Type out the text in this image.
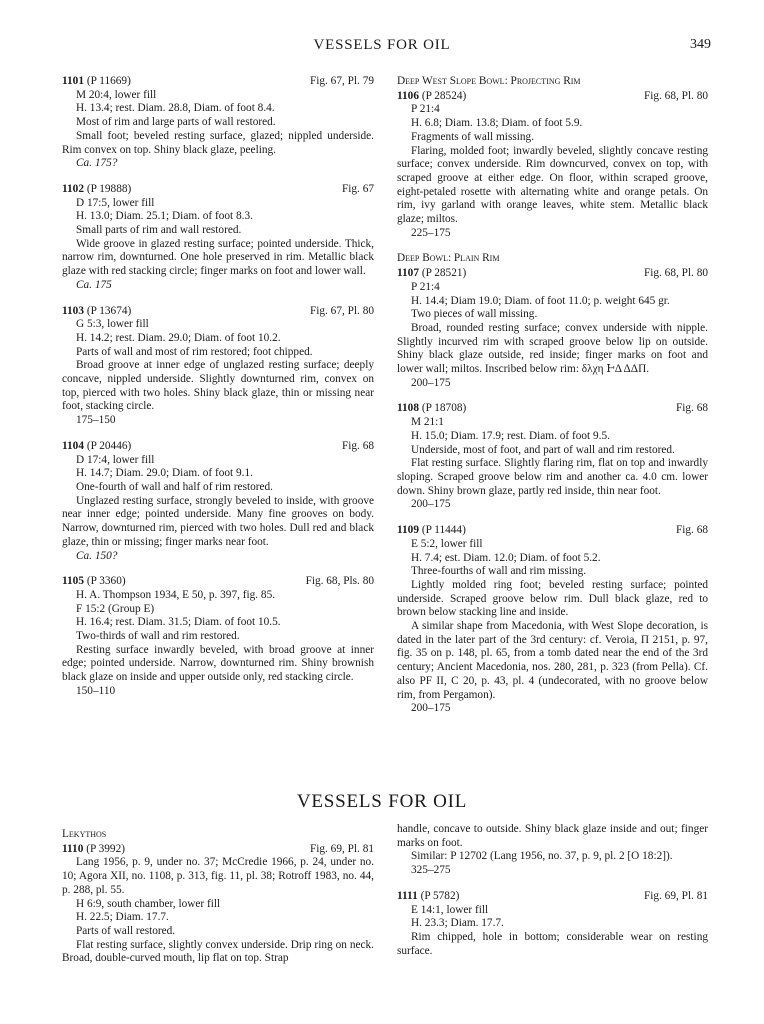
VESSELS FOR OIL	349
1101 (P 11669)	Fig. 67, Pl. 79

M 20:4, lower fill

H. 13.4; rest. Diam. 28.8, Diam. of foot 8.4.

Most of rim and large parts of wall restored.

Small foot; beveled resting surface, glazed; nippled underside. Rim convex on top. Shiny black glaze, peeling.

Ca. 175?

1102 (P 19888)	Fig. 67

D 17:5, lower fill

H. 13.0; Diam. 25.1; Diam. of foot 8.3.

Small parts of rim and wall restored.

Wide groove in glazed resting surface; pointed underside. Thick, narrow rim, downturned. One hole preserved in rim. Metallic black glaze with red stacking circle; finger marks on foot and lower wall.

Ca. 175

1103 (P 13674)	Fig. 67, Pl. 80

G 5:3, lower fill

H. 14.2; rest. Diam. 29.0; Diam. of foot 10.2.

Parts of wall and most of rim restored; foot chipped.

Broad groove at inner edge of unglazed resting surface; deeply concave, nippled underside. Slightly downturned rim, convex on top, pierced with two holes. Shiny black glaze, thin or missing near foot, stacking circle.

175–150

1104 (P 20446)	Fig. 68

D 17:4, lower fill

H. 14.7; Diam. 29.0; Diam. of foot 9.1.

One-fourth of wall and half of rim restored.

Unglazed resting surface, strongly beveled to inside, with groove near inner edge; pointed underside. Many fine grooves on body. Narrow, downturned rim, pierced with two holes. Dull red and black glaze, thin or missing; finger marks near foot.

Ca. 150?

1105 (P 3360)	Fig. 68, Pls. 80

H. A. Thompson 1934, E 50, p. 397, fig. 85.

F 15:2 (Group E)

H. 16.4; rest. Diam. 31.5; Diam. of foot 10.5.

Two-thirds of wall and rim restored.

Resting surface inwardly beveled, with broad groove at inner edge; pointed underside. Narrow, downturned rim. Shiny brownish black glaze on inside and upper outside only, red stacking circle.

150–110

Deep West Slope Bowl: Projecting Rim

1106 (P 28524)	Fig. 68, Pl. 80

P 21:4

H. 6.8; Diam. 13.8; Diam. of foot 5.9.

Fragments of wall missing.

Flaring, molded foot; inwardly beveled, slightly concave resting surface; convex underside. Rim downcurved, convex on top, with scraped groove at either edge. On floor, within scraped groove, eight-petaled rosette with alternating white and orange petals. On rim, ivy garland with orange leaves, white stem. Metallic black glaze; miltos.

225–175

Deep Bowl: Plain Rim

1107 (P 28521)	Fig. 68, Pl. 80

P 21:4

H. 14.4; Diam 19.0; Diam. of foot 11.0; p. weight 645 gr.

Two pieces of wall missing.

Broad, rounded resting surface; convex underside with nipple. Slightly incurved rim with scraped groove below lip on outside. Shiny black glaze outside, red inside; finger marks on foot and lower wall; miltos. Inscribed below rim: δλχη ͰΔ ΔΔΠ.

200–175

1108 (P 18708)	Fig. 68

M 21:1

H. 15.0; Diam. 17.9; rest. Diam. of foot 9.5.

Underside, most of foot, and part of wall and rim restored.

Flat resting surface. Slightly flaring rim, flat on top and inwardly sloping. Scraped groove below rim and another ca. 4.0 cm. lower down. Shiny brown glaze, partly red inside, thin near foot.

200–175

1109 (P 11444)	Fig. 68

E 5:2, lower fill

H. 7.4; est. Diam. 12.0; Diam. of foot 5.2.

Three-fourths of wall and rim missing.

Lightly molded ring foot; beveled resting surface; pointed underside. Scraped groove below rim. Dull black glaze, red to brown below stacking line and inside.

A similar shape from Macedonia, with West Slope decoration, is dated in the later part of the 3rd century: cf. Veroia, Π 2151, p. 97, fig. 35 on p. 148, pl. 65, from a tomb dated near the end of the 3rd century; Ancient Macedonia, nos. 280, 281, p. 323 (from Pella). Cf. also PF II, C 20, p. 43, pl. 4 (undecorated, with no groove below rim, from Pergamon).

200–175

VESSELS FOR OIL

Lekythos

1110 (P 3992)	Fig. 69, Pl. 81

Lang 1956, p. 9, under no. 37; McCredie 1966, p. 24, under no. 10; Agora XII, no. 1108, p. 313, fig. 11, pl. 38; Rotroff 1983, no. 44, p. 288, pl. 55.

H 6:9, south chamber, lower fill

H. 22.5; Diam. 17.7.

Parts of wall restored.

Flat resting surface, slightly convex underside. Drip ring on neck. Broad, double-curved mouth, lip flat on top. Strap

handle, concave to outside. Shiny black glaze inside and out; finger marks on foot.

Similar: P 12702 (Lang 1956, no. 37, p. 9, pl. 2 [O 18:2]).

325–275

1111 (P 5782)	Fig. 69, Pl. 81

E 14:1, lower fill

H. 23.3; Diam. 17.7.

Rim chipped, hole in bottom; considerable wear on resting surface.
